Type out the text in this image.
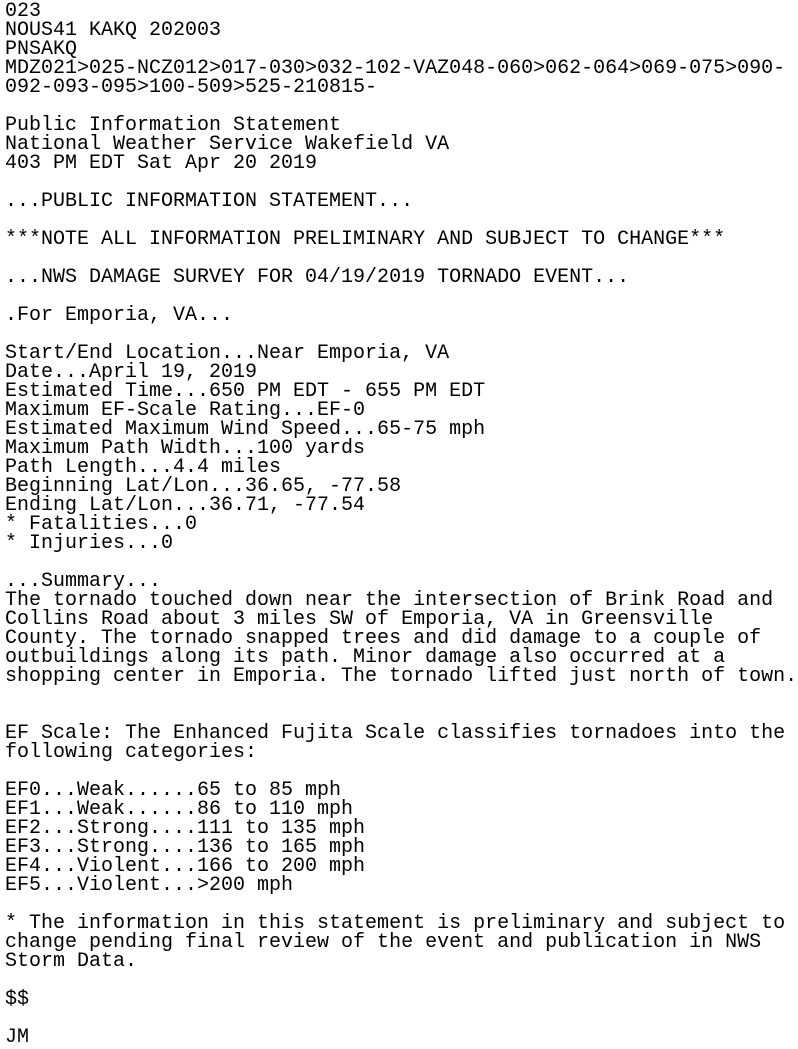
023
NOUS41 KAKQ 202003
PNSAKQ
MDZ021>025-NCZ012>017-030>032-102-VAZ048-060>062-064>069-075>090-
092-093-095>100-509>525-210815-
Public Information Statement
National Weather Service Wakefield VA
403 PM EDT Sat Apr 20 2019
...PUBLIC INFORMATION STATEMENT...
***NOTE ALL INFORMATION PRELIMINARY AND SUBJECT TO CHANGE***
...NWS DAMAGE SURVEY FOR 04/19/2019 TORNADO EVENT...
.For Emporia, VA...
Start/End Location...Near Emporia, VA
Date...April 19, 2019
Estimated Time...650 PM EDT - 655 PM EDT
Maximum EF-Scale Rating...EF-0
Estimated Maximum Wind Speed...65-75 mph
Maximum Path Width...100 yards
Path Length...4.4 miles
Beginning Lat/Lon...36.65, -77.58
Ending Lat/Lon...36.71, -77.54
* Fatalities...0
* Injuries...0
...Summary...
The tornado touched down near the intersection of Brink Road and
Collins Road about 3 miles SW of Emporia, VA in Greensville
County. The tornado snapped trees and did damage to a couple of
outbuildings along its path. Minor damage also occurred at a
shopping center in Emporia. The tornado lifted just north of town.
EF Scale: The Enhanced Fujita Scale classifies tornadoes into the
following categories:
EF0...Weak......65 to 85 mph
EF1...Weak......86 to 110 mph
EF2...Strong....111 to 135 mph
EF3...Strong....136 to 165 mph
EF4...Violent...166 to 200 mph
EF5...Violent...>200 mph
* The information in this statement is preliminary and subject to
change pending final review of the event and publication in NWS
Storm Data.
$$
JM
